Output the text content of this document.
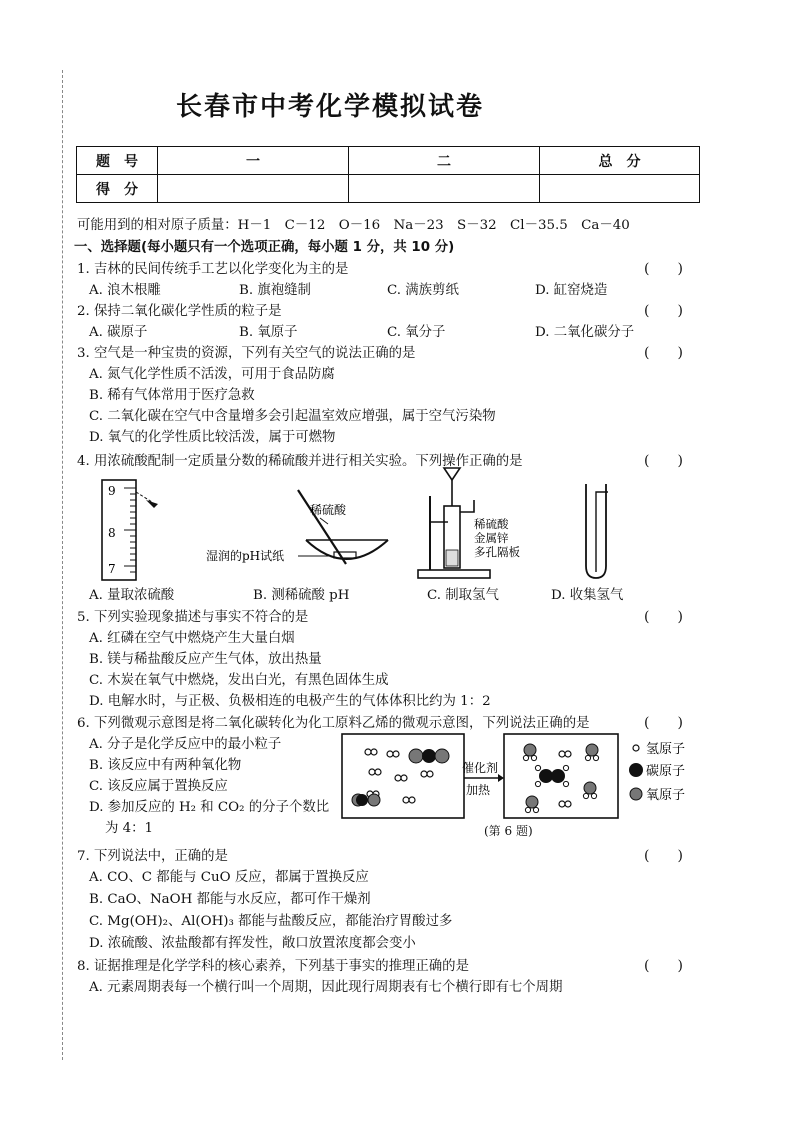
长春市中考化学模拟试卷
题　号	一	二	总　分
得　分			
可能用到的相对原子质量：H－1　C－12　O－16　Na－23　S－32　Cl－35.5　Ca－40
一、选择题(每小题只有一个选项正确，每小题 1 分，共 10 分)
1. 吉林的民间传统手工艺以化学变化为主的是	(　　)
A. 浪木根雕	B. 旗袍缝制	C. 满族剪纸	D. 缸窑烧造
2. 保持二氧化碳化学性质的粒子是	(　　)
A. 碳原子	B. 氧原子	C. 氧分子	D. 二氧化碳分子
3. 空气是一种宝贵的资源，下列有关空气的说法正确的是	(　　)
A. 氮气化学性质不活泼，可用于食品防腐
B. 稀有气体常用于医疗急救
C. 二氧化碳在空气中含量增多会引起温室效应增强，属于空气污染物
D. 氧气的化学性质比较活泼，属于可燃物
4. 用浓硫酸配制一定质量分数的稀硫酸并进行相关实验。下列操作正确的是	(　　)
9
8
7
稀硫酸
湿润的pH试纸
稀硫酸
金属锌
多孔隔板
A. 量取浓硫酸	B. 测稀硫酸 pH	C. 制取氢气	D. 收集氢气
5. 下列实验现象描述与事实不符合的是	(　　)
A. 红磷在空气中燃烧产生大量白烟
B. 镁与稀盐酸反应产生气体，放出热量
C. 木炭在氧气中燃烧，发出白光，有黑色固体生成
D. 电解水时，与正极、负极相连的电极产生的气体体积比约为 1：2
6. 下列微观示意图是将二氧化碳转化为化工原料乙烯的微观示意图，下列说法正确的是	(　　)
A. 分子是化学反应中的最小粒子
B. 该反应中有两种氧化物
C. 该反应属于置换反应
D. 参加反应的 H₂ 和 CO₂ 的分子个数比
为 4：1
催化剂
加热
氢原子
碳原子
氧原子
(第 6 题)
7. 下列说法中，正确的是	(　　)
A. CO、C 都能与 CuO 反应，都属于置换反应
B. CaO、NaOH 都能与水反应，都可作干燥剂
C. Mg(OH)₂、Al(OH)₃ 都能与盐酸反应，都能治疗胃酸过多
D. 浓硫酸、浓盐酸都有挥发性，敞口放置浓度都会变小
8. 证据推理是化学学科的核心素养，下列基于事实的推理正确的是	(　　)
A. 元素周期表每一个横行叫一个周期，因此现行周期表有七个横行即有七个周期
